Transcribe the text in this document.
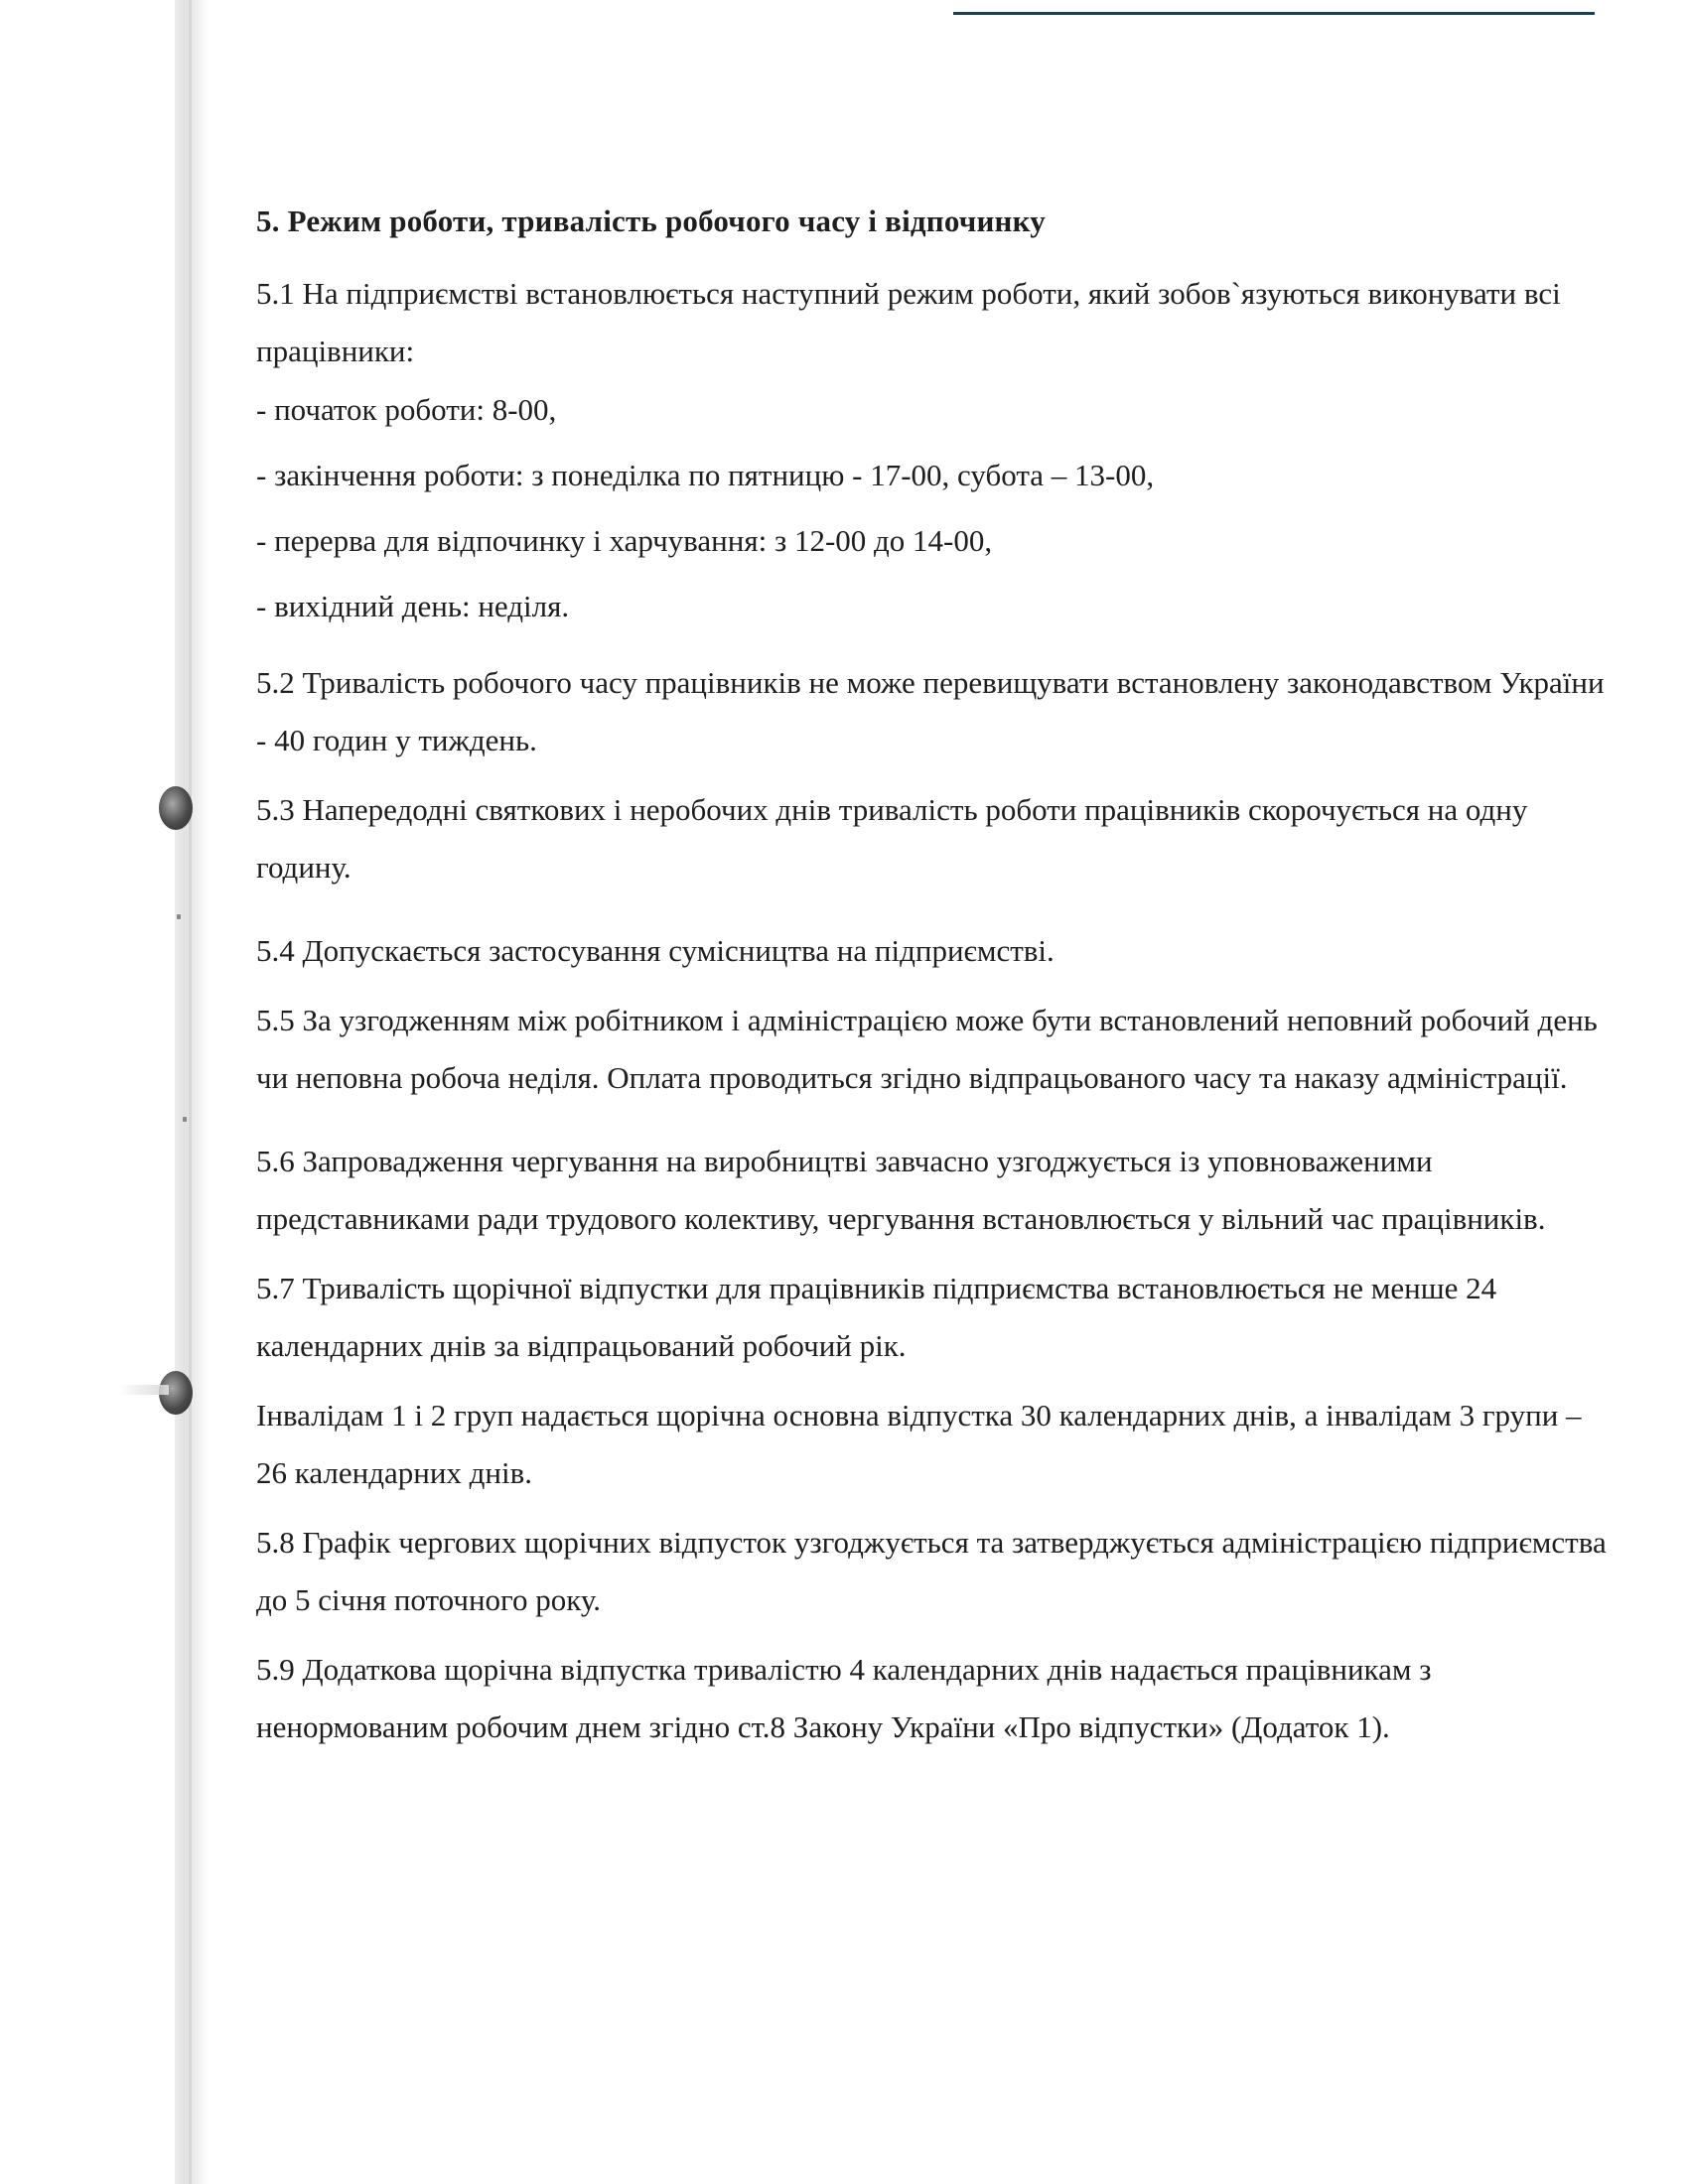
5. Режим роботи, тривалість робочого часу і відпочинку

5.1 На підприємстві встановлюється наступний режим роботи, який зобов`язуються виконувати всі працівники:

- початок роботи: 8-00,
- закінчення роботи: з понеділка по пятницю - 17-00, субота – 13-00,
- перерва для відпочинку і харчування: з 12-00 до 14-00,
- вихідний день: неділя.

5.2 Тривалість робочого часу працівників не може перевищувати встановлену законодавством України - 40 годин у тиждень.

5.3 Напередодні святкових і неробочих днів тривалість роботи працівників скорочується на одну годину.

5.4 Допускається застосування сумісництва на підприємстві.

5.5 За узгодженням між робітником і адміністрацією може бути встановлений неповний робочий день чи неповна робоча неділя. Оплата проводиться згідно відпрацьованого часу та наказу адміністрації.

5.6 Запровадження чергування на виробництві завчасно узгоджується із уповноваженими представниками ради трудового колективу, чергування встановлюється у вільний час працівників.

5.7 Тривалість щорічної відпустки для працівників підприємства встановлюється не менше 24 календарних днів за відпрацьований робочий рік.

Інвалідам 1 і 2 груп надається щорічна основна відпустка 30 календарних днів, а інвалідам 3 групи – 26 календарних днів.

5.8 Графік чергових щорічних відпусток узгоджується та затверджується адміністрацією підприємства до 5 січня поточного року.

5.9 Додаткова щорічна відпустка тривалістю 4 календарних днів надається працівникам з ненормованим робочим днем згідно ст.8 Закону України «Про відпустки» (Додаток 1).
